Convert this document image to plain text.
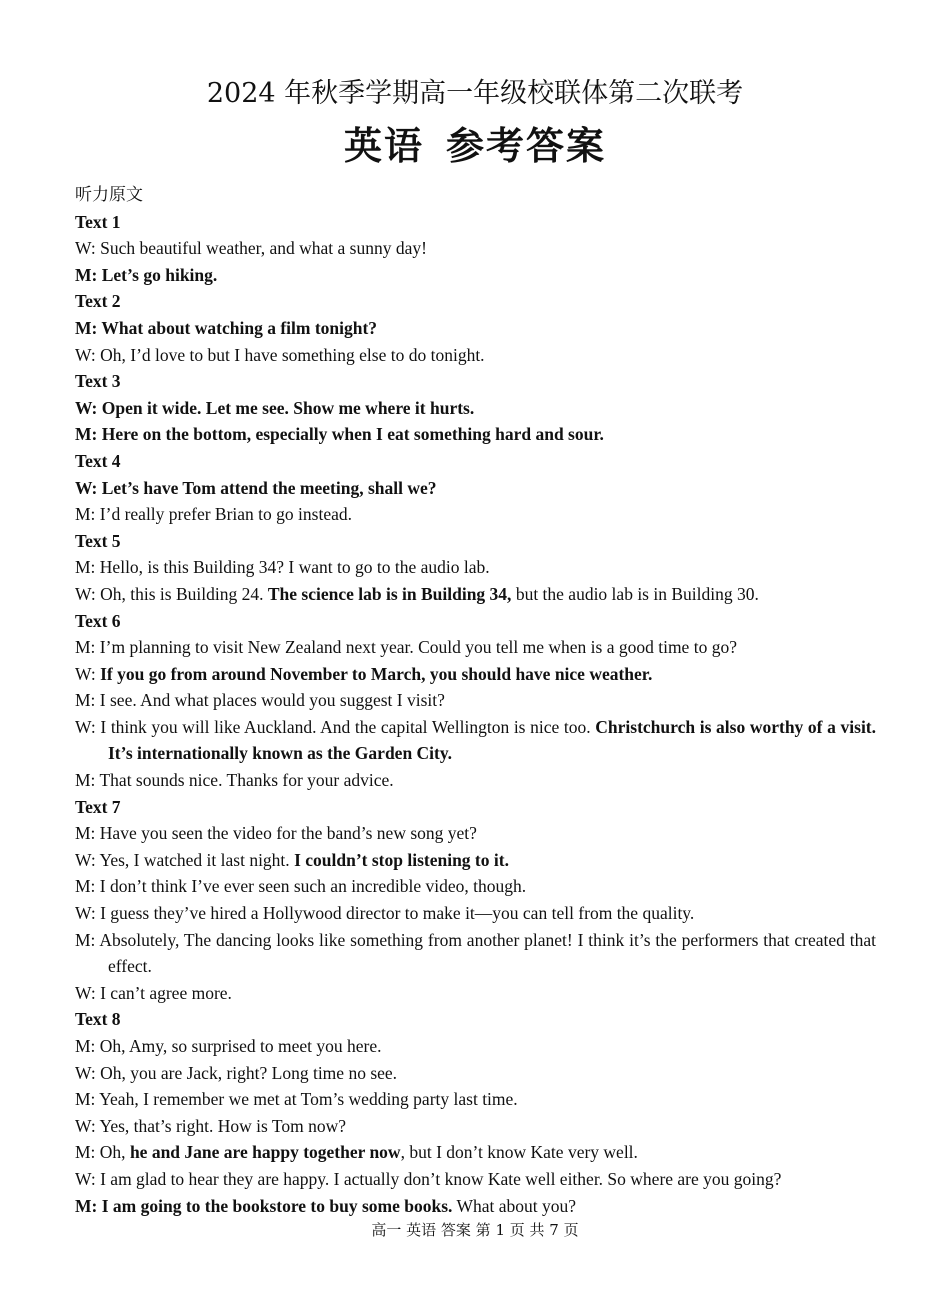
2024 年秋季学期高一年级校联体第二次联考
英语 参考答案
听力原文
Text 1
W: Such beautiful weather, and what a sunny day!
M: Let’s go hiking.
Text 2
M: What about watching a film tonight?
W: Oh, I’d love to but I have something else to do tonight.
Text 3
W: Open it wide. Let me see. Show me where it hurts.
M: Here on the bottom, especially when I eat something hard and sour.
Text 4
W: Let’s have Tom attend the meeting, shall we?
M: I’d really prefer Brian to go instead.
Text 5
M: Hello, is this Building 34? I want to go to the audio lab.
W: Oh, this is Building 24. The science lab is in Building 34, but the audio lab is in Building 30.
Text 6
M: I’m planning to visit New Zealand next year. Could you tell me when is a good time to go?
W: If you go from around November to March, you should have nice weather.
M: I see. And what places would you suggest I visit?
W: I think you will like Auckland. And the capital Wellington is nice too. Christchurch is also worthy of a visit. It’s internationally known as the Garden City.
M: That sounds nice. Thanks for your advice.
Text 7
M: Have you seen the video for the band’s new song yet?
W: Yes, I watched it last night. I couldn’t stop listening to it.
M: I don’t think I’ve ever seen such an incredible video, though.
W: I guess they’ve hired a Hollywood director to make it—you can tell from the quality.
M: Absolutely, The dancing looks like something from another planet! I think it’s the performers that created that effect.
W: I can’t agree more.
Text 8
M: Oh, Amy, so surprised to meet you here.
W: Oh, you are Jack, right? Long time no see.
M: Yeah, I remember we met at Tom’s wedding party last time.
W: Yes, that’s right. How is Tom now?
M: Oh, he and Jane are happy together now, but I don’t know Kate very well.
W: I am glad to hear they are happy. I actually don’t know Kate well either. So where are you going?
M: I am going to the bookstore to buy some books. What about you?
高一 英语 答案 第 1 页 共 7 页
